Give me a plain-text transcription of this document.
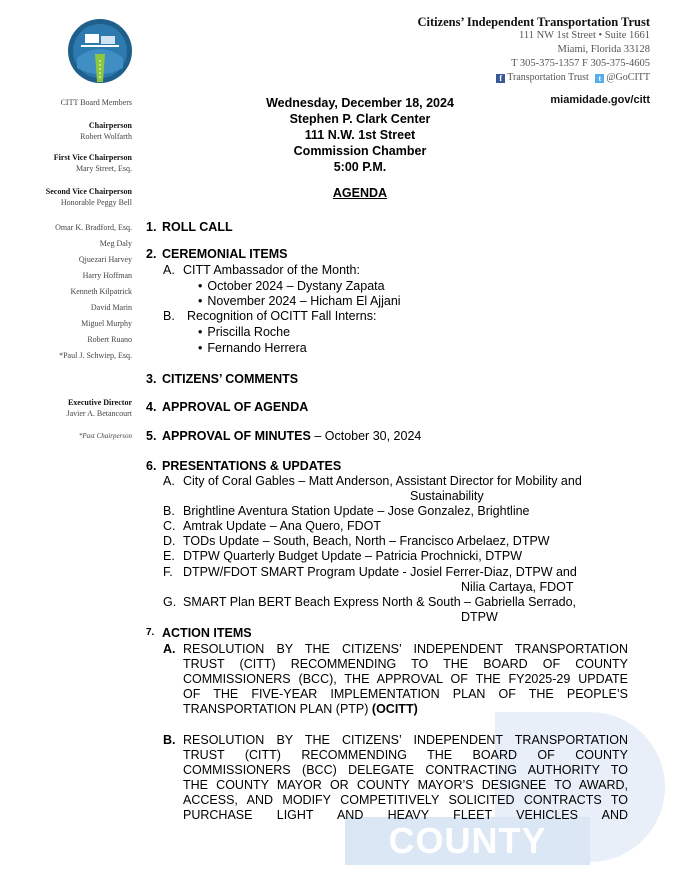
COUNTY
Citizens’ Independent Transportation Trust
111 NW 1st Street • Suite 1661
Miami, Florida 33128
T 305-375-1357 F 305-375-4605
f Transportation Trust t @GoCITT
miamidade.gov/citt
CITT Board Members
Chairperson
Robert Wolfarth
First Vice Chairperson
Mary Street, Esq.
Second Vice Chairperson
Honorable Peggy Bell
Omar K. Bradford, Esq.
Meg Daly
Qjuezari Harvey
Harry Hoffman
Kenneth Kilpatrick
David Marin
Miguel Murphy
Robert Ruano
*Paul J. Schwiep, Esq.
Executive Director
Javier A. Betancourt
*Past Chairperson
Wednesday, December 18, 2024
Stephen P. Clark Center
111 N.W. 1st Street
Commission Chamber
5:00 P.M.
AGENDA
1. ROLL CALL
2. CEREMONIAL ITEMS
A. CITT Ambassador of the Month:
• October 2024 – Dystany Zapata
• November 2024 – Hicham El Ajjani
B. Recognition of OCITT Fall Interns:
• Priscilla Roche
• Fernando Herrera
3. CITIZENS’ COMMENTS
4. APPROVAL OF AGENDA
5. APPROVAL OF MINUTES – October 30, 2024
6. PRESENTATIONS & UPDATES
A. City of Coral Gables – Matt Anderson, Assistant Director for Mobility and
Sustainability
B. Brightline Aventura Station Update – Jose Gonzalez, Brightline
C. Amtrak Update – Ana Quero, FDOT
D. TODs Update – South, Beach, North – Francisco Arbelaez, DTPW
E. DTPW Quarterly Budget Update – Patricia Prochnicki, DTPW
F. DTPW/FDOT SMART Program Update - Josiel Ferrer-Diaz, DTPW and
Nilia Cartaya, FDOT
G. SMART Plan BERT Beach Express North & South – Gabriella Serrado,
DTPW
7. ACTION ITEMS
A. RESOLUTION BY THE CITIZENS’ INDEPENDENT TRANSPORTATION
TRUST (CITT) RECOMMENDING TO THE BOARD OF COUNTY
COMMISSIONERS (BCC), THE APPROVAL OF THE FY2025-29 UPDATE
OF THE FIVE-YEAR IMPLEMENTATION PLAN OF THE PEOPLE’S
TRANSPORTATION PLAN (PTP) (OCITT)
B. RESOLUTION BY THE CITIZENS’ INDEPENDENT TRANSPORTATION
TRUST (CITT) RECOMMENDING THE BOARD OF COUNTY
COMMISSIONERS (BCC) DELEGATE CONTRACTING AUTHORITY TO
THE COUNTY MAYOR OR COUNTY MAYOR’S DESIGNEE TO AWARD,
ACCESS, AND MODIFY COMPETITIVELY SOLICITED CONTRACTS TO
PURCHASE LIGHT AND HEAVY FLEET VEHICLES AND
